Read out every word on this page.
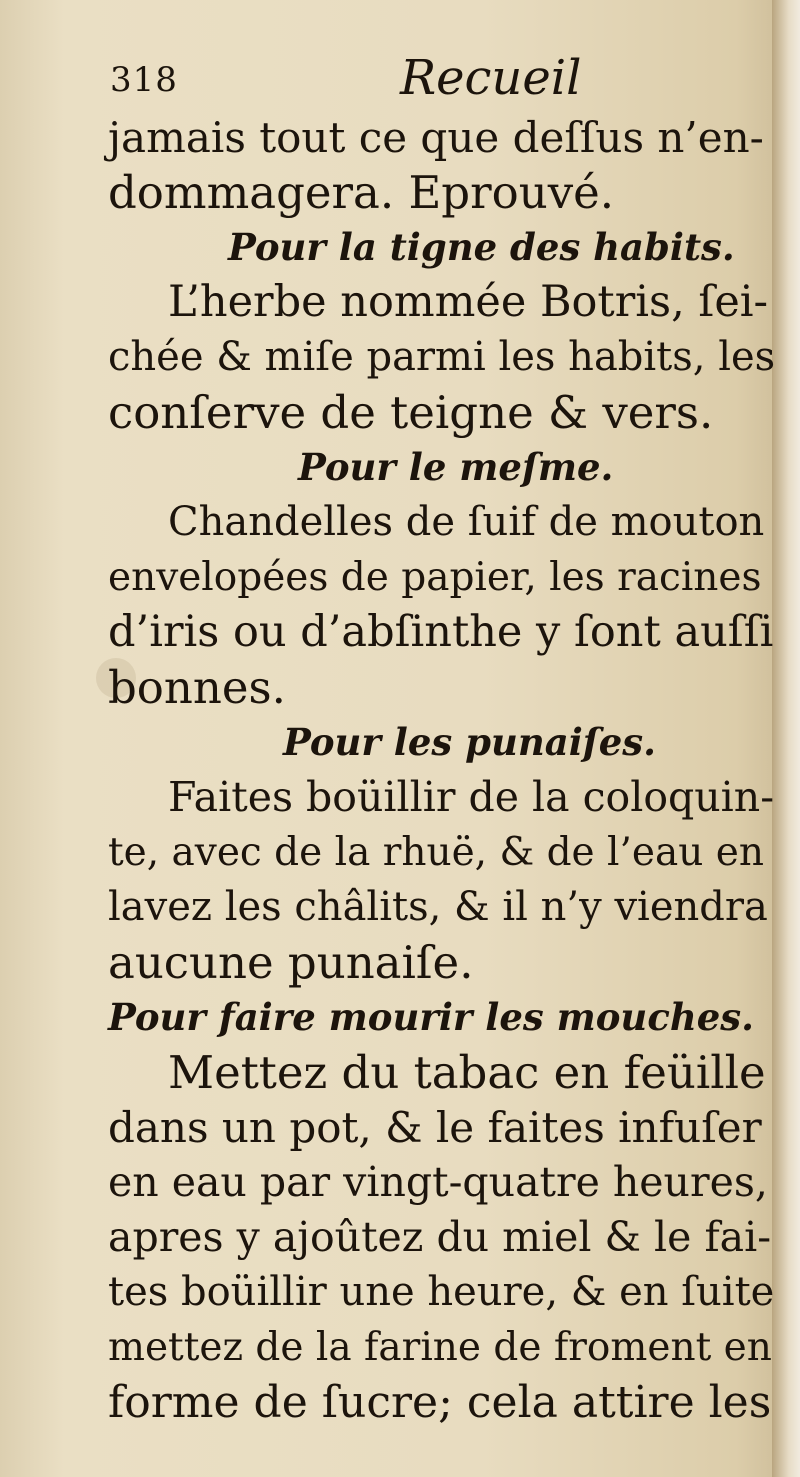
318	Recueil
jamais tout ce que deſſus n’en-
dommagera. Eprouvé.
Pour la tigne des habits.
L’herbe nommée Botris, ſei-
chée & miſe parmi les habits, les
conſerve de teigne & vers.
Pour le meſme.
Chandelles de ſuif de mouton
envelopées de papier, les racines
d’iris ou d’abſinthe y ſont auſſi
bonnes.
Pour les punaiſes.
Faites boüillir de la coloquin-
te, avec de la rhuë, & de l’eau en
lavez les châlits, & il n’y viendra
aucune punaiſe.
Pour faire mourir les mouches.
Mettez du tabac en feüille
dans un pot, & le faites infuſer
en eau par vingt-quatre heures,
apres y ajoûtez du miel & le fai-
tes boüillir une heure, & en ſuite
mettez de la farine de froment en
forme de ſucre; cela attire les
